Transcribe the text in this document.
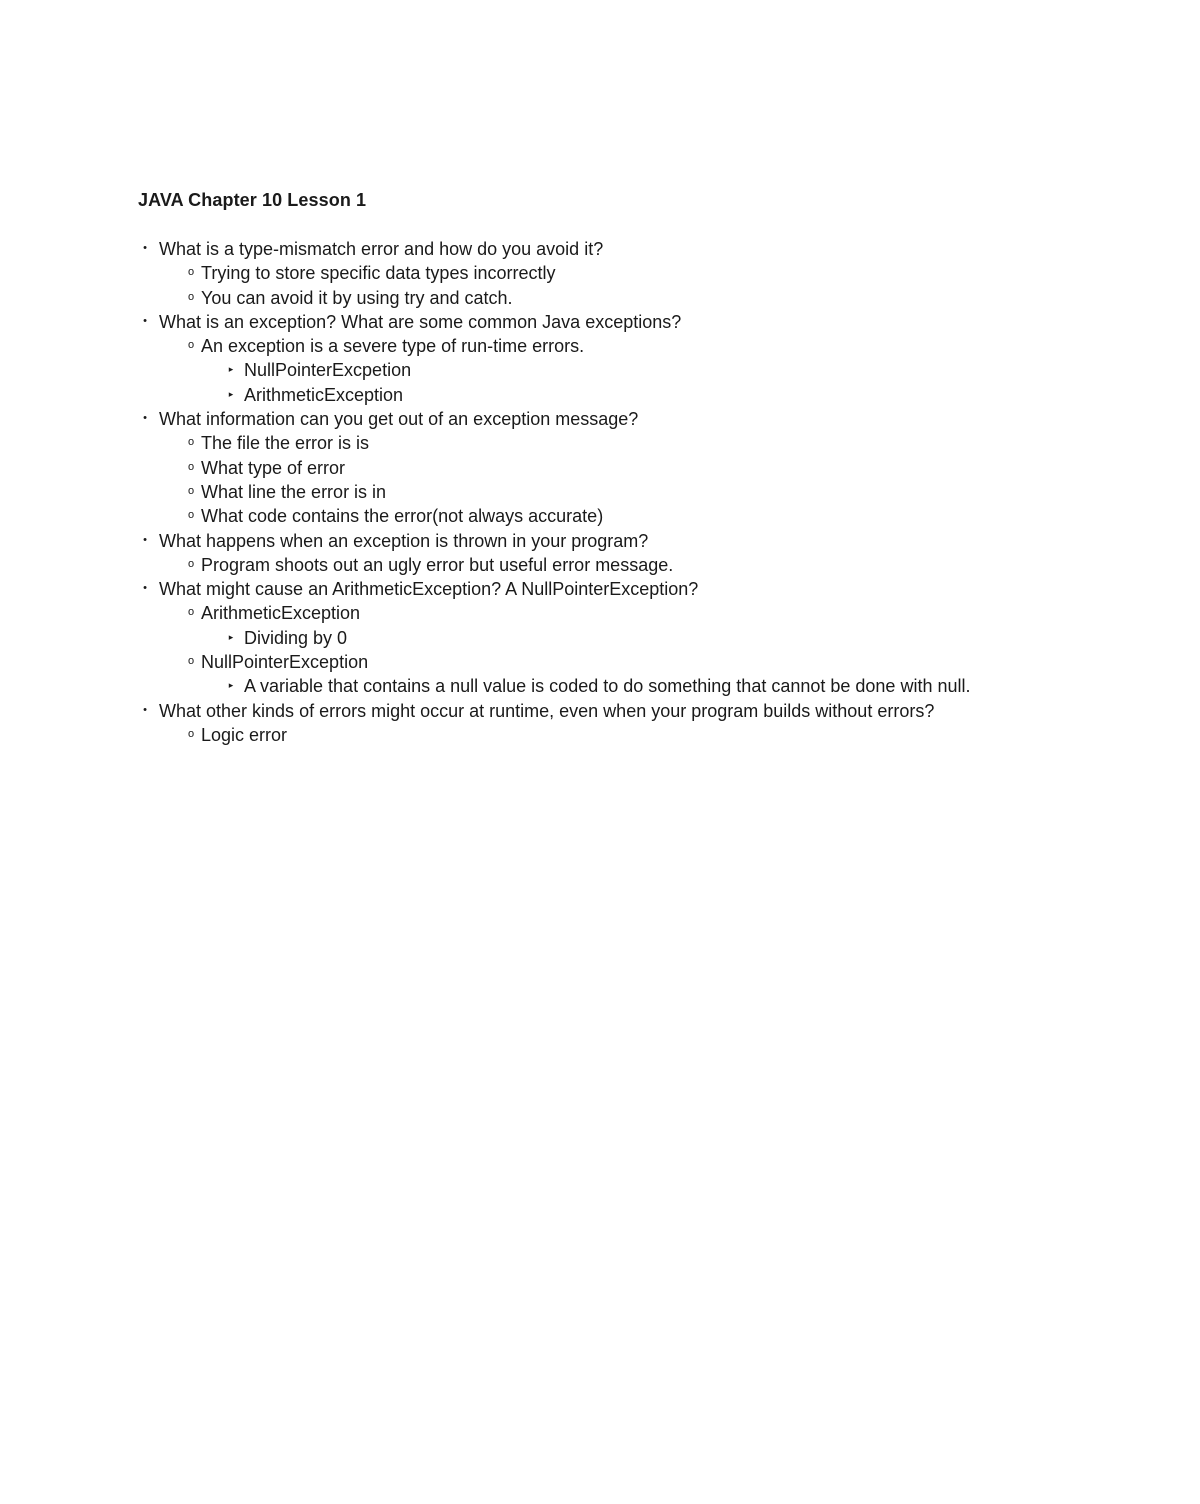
JAVA Chapter 10 Lesson 1
• What is a type-mismatch error and how do you avoid it?
o Trying to store specific data types incorrectly
o You can avoid it by using try and catch.
• What is an exception? What are some common Java exceptions?
o An exception is a severe type of run-time errors.
▸ NullPointerExcpetion
▸ ArithmeticException
• What information can you get out of an exception message?
o The file the error is is
o What type of error
o What line the error is in
o What code contains the error(not always accurate)
• What happens when an exception is thrown in your program?
o Program shoots out an ugly error but useful error message.
• What might cause an ArithmeticException? A NullPointerException?
o ArithmeticException
▸ Dividing by 0
o NullPointerException
▸ A variable that contains a null value is coded to do something that cannot be done with null.
• What other kinds of errors might occur at runtime, even when your program builds without errors?
o Logic error
